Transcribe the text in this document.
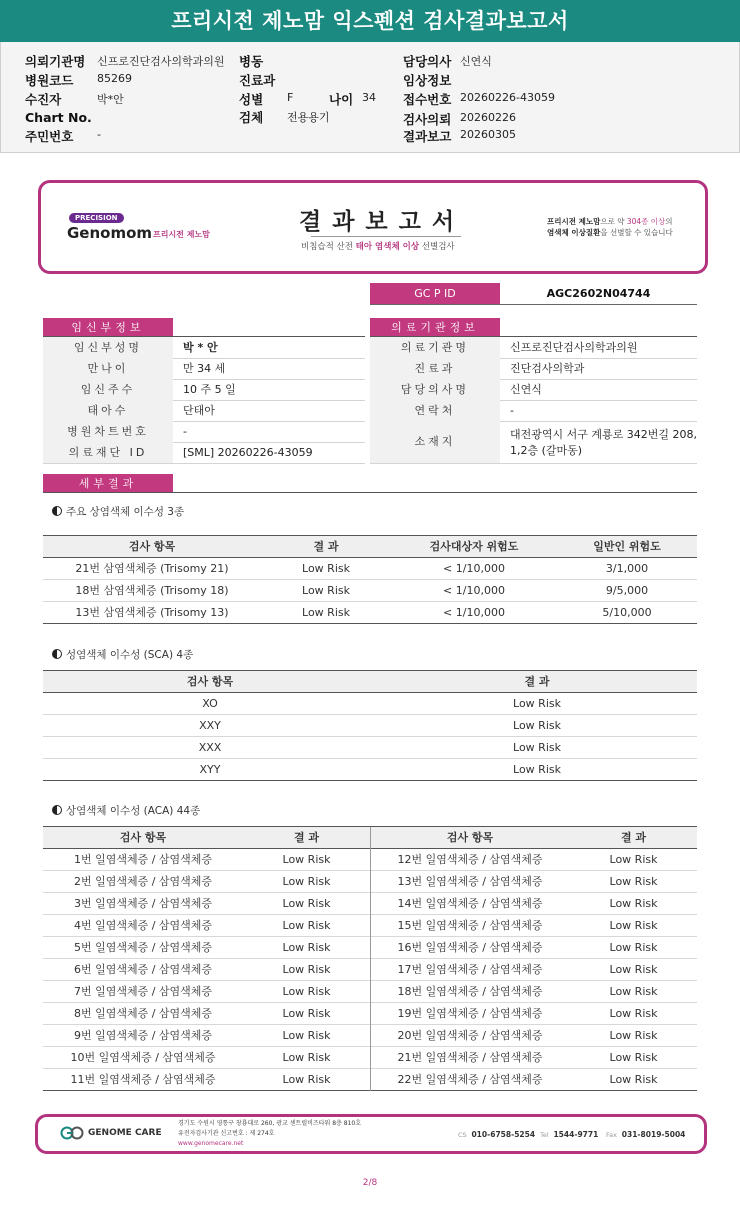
프리시전 제노맘 익스펜션 검사결과보고서
의뢰기관명 신프로진단검사의학과의원
병원코드 85269
수진자	박*안
Chart No.
주민번호 -
병동
진료과
성별 F
검체 전용용기
나이 34
담당의사 신연식
임상정보
접수번호 20260226-43059
검사의뢰 20260226
결과보고 20260305
PRECISION
Genomom 프리시전 제노맘	결과보고서
비침습적 산전 태아 염색체 이상 선별검사
프리시전 제노맘으로 약 304종 이상의
염색체 이상질환을 선별할 수 있습니다
GC P ID	AGC2602N04744
임신부정보	의료기관정보
임신부성명	박 * 안
만나이	만 34 세
임신주수	10 주 5 일
태아수	단태아
병원차트번호	-
의료재단 ID	[SML] 20260226-43059
의료기관명	신프로진단검사의학과의원
진료과	진단검사의학과
담당의사명	신연식
연락처	-
소재지
대전광역시 서구 계룡로 342번길 208,
1,2층 (갈마동)
세부결과
주요 상염색체 이수성 3종
검사 항목	결 과	검사대상자 위험도	일반인 위험도
21번 삼염색체증 (Trisomy 21)	Low Risk	< 1/10,000	3/1,000
18번 삼염색체증 (Trisomy 18)	Low Risk	< 1/10,000	9/5,000
13번 삼염색체증 (Trisomy 13)	Low Risk	< 1/10,000	5/10,000
성염색체 이수성 (SCA) 4종
검사 항목	결 과
XO	Low Risk
XXY	Low Risk
XXX	Low Risk
XYY	Low Risk
상염색체 이수성 (ACA) 44종
검사 항목	결 과	검사 항목	결 과
1번 일염색체증 / 삼염색체증	Low Risk	12번 일염색체증 / 삼염색체증	Low Risk
2번 일염색체증 / 삼염색체증	Low Risk	13번 일염색체증 / 삼염색체증	Low Risk
3번 일염색체증 / 삼염색체증	Low Risk	14번 일염색체증 / 삼염색체증	Low Risk
4번 일염색체증 / 삼염색체증	Low Risk	15번 일염색체증 / 삼염색체증	Low Risk
5번 일염색체증 / 삼염색체증	Low Risk	16번 일염색체증 / 삼염색체증	Low Risk
6번 일염색체증 / 삼염색체증	Low Risk	17번 일염색체증 / 삼염색체증	Low Risk
7번 일염색체증 / 삼염색체증	Low Risk	18번 일염색체증 / 삼염색체증	Low Risk
8번 일염색체증 / 삼염색체증	Low Risk	19번 일염색체증 / 삼염색체증	Low Risk
9번 일염색체증 / 삼염색체증	Low Risk	20번 일염색체증 / 삼염색체증	Low Risk
10번 일염색체증 / 삼염색체증	Low Risk	21번 일염색체증 / 삼염색체증	Low Risk
11번 일염색체증 / 삼염색체증	Low Risk	22번 일염색체증 / 삼염색체증	Low Risk
GENOME CARE
경기도 수원시 영통구 창룡대로 260, 광교 센트럴비즈타워 8층 810호
유전자검사기관 신고번호 : 제 274호
www.genomecare.net
CS 010-6758-5254 Tel 1544-9771 Fax 031-8019-5004
2/8
